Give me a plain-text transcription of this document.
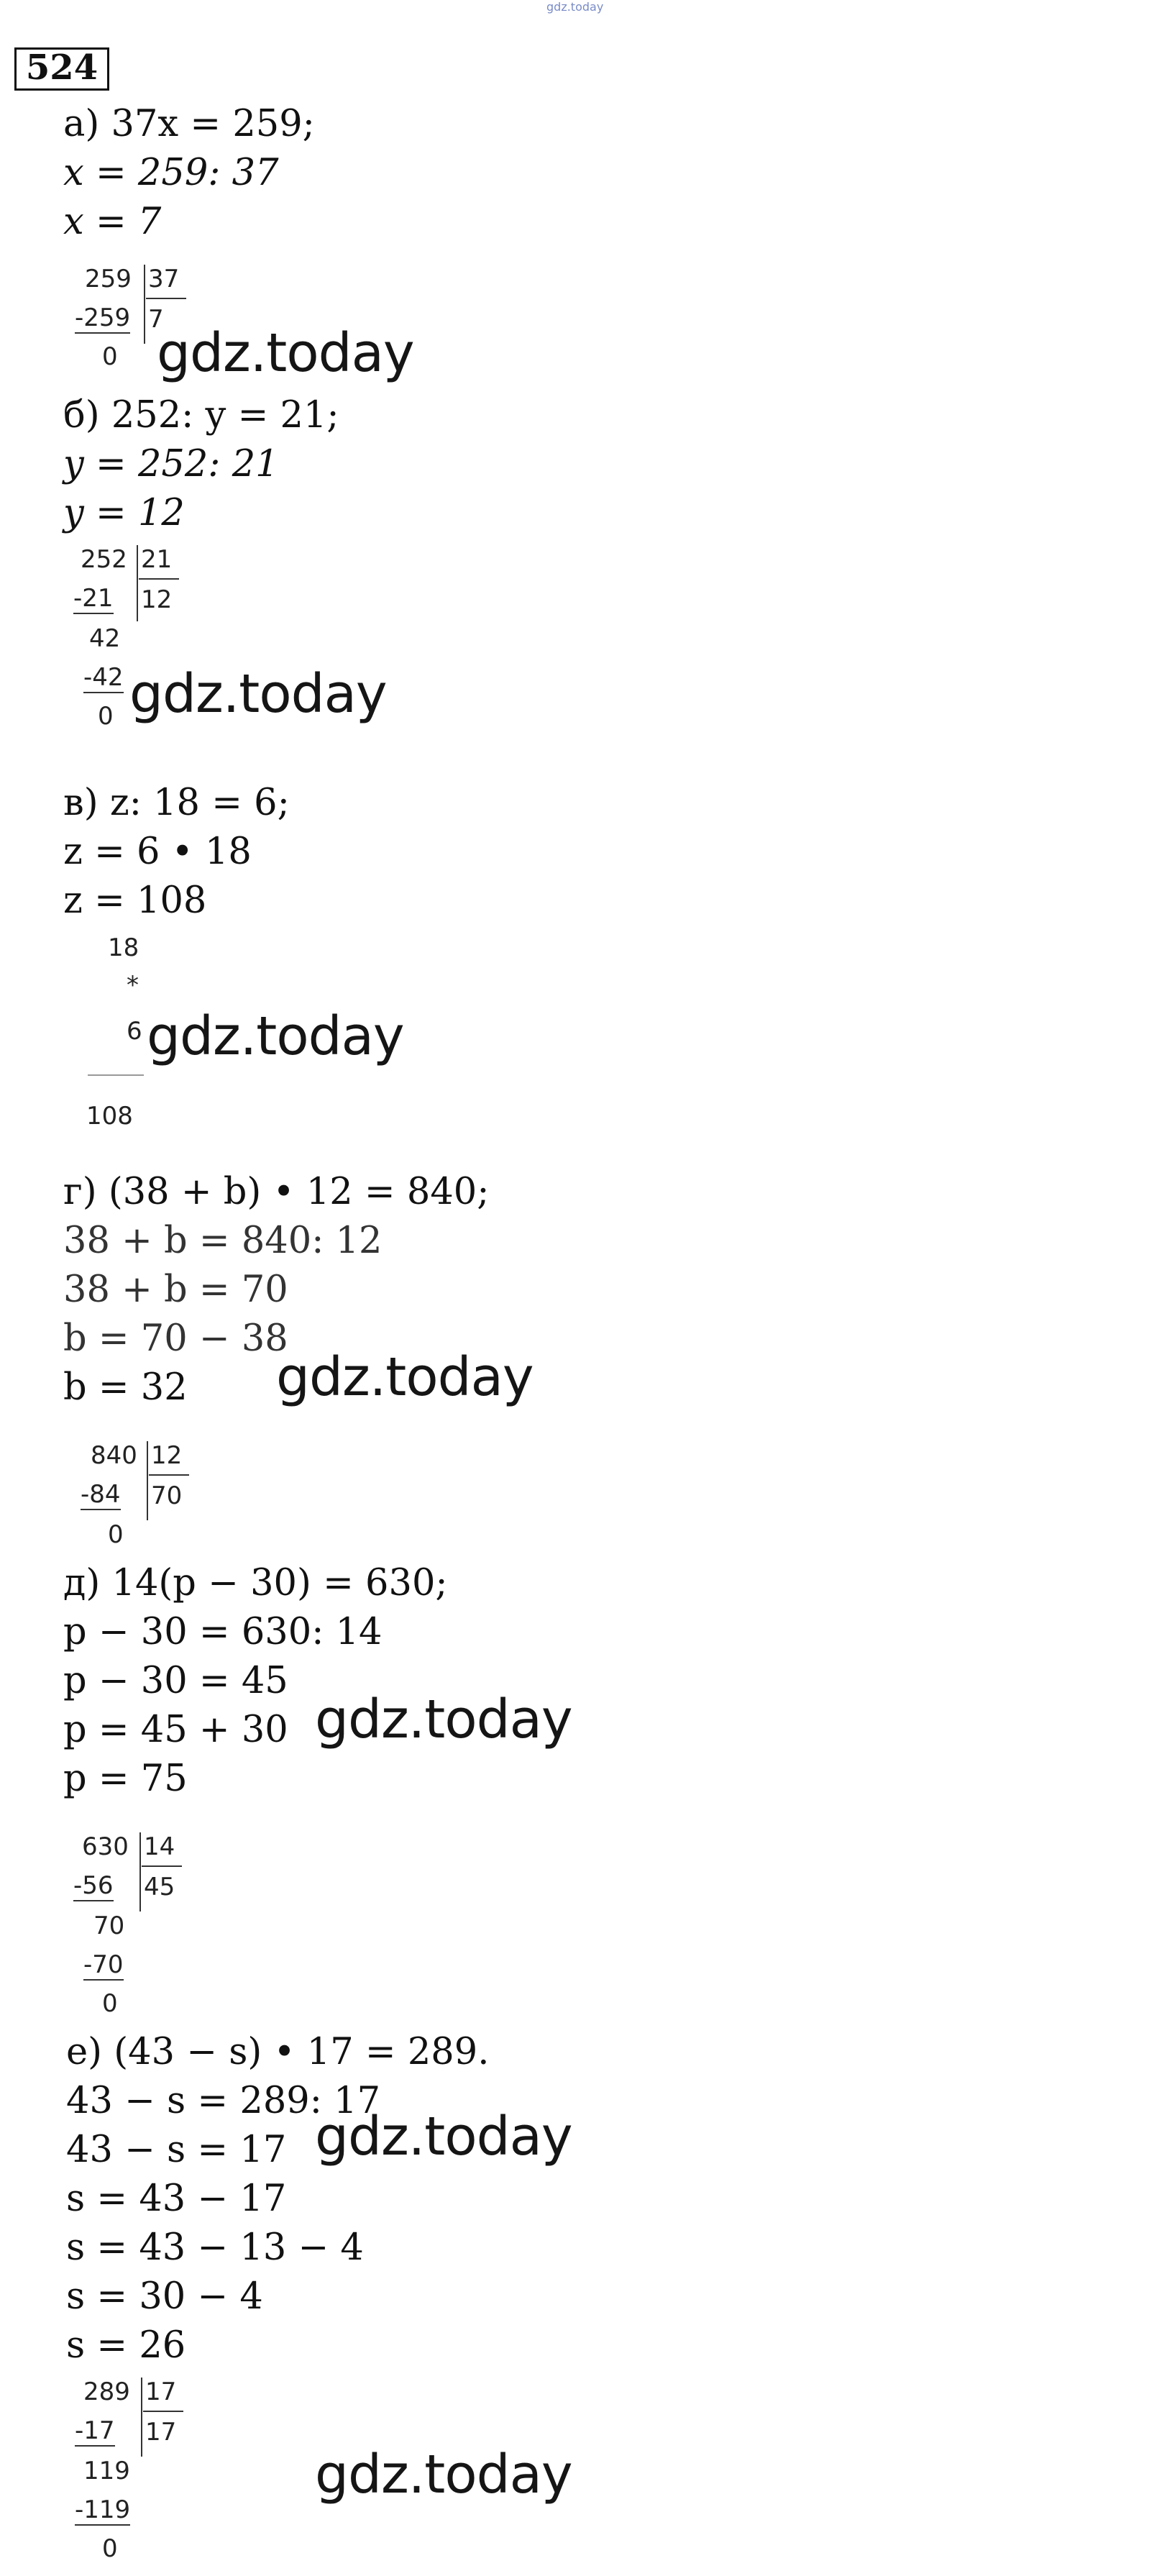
gdz.today
524
а) 37x = 259;
x = 259: 37
x = 7
259 37
7
-259
0 gdz.today
б) 252: y = 21;
y = 252: 21
y = 12
252 21
12
-21
42
-42
0 gdz.today
в) z: 18 = 6;
z = 6 • 18
z = 108
18
*
6
108
gdz.today
г) (38 + b) • 12 = 840;
38 + b = 840: 12
38 + b = 70
b = 70 − 38
b = 32 gdz.today
840 12
70
-84
0
д) 14(p − 30) = 630;
p − 30 = 630: 14
p − 30 = 45
p = 45 + 30
p = 75
gdz.today
630 14
45
-56
70
-70
0
е) (43 − s) • 17 = 289.
43 − s = 289: 17
43 − s = 17
s = 43 − 17
s = 43 − 13 − 4
s = 30 − 4
s = 26
gdz.today
289 17
17
-17
119
-119
0
gdz.today
